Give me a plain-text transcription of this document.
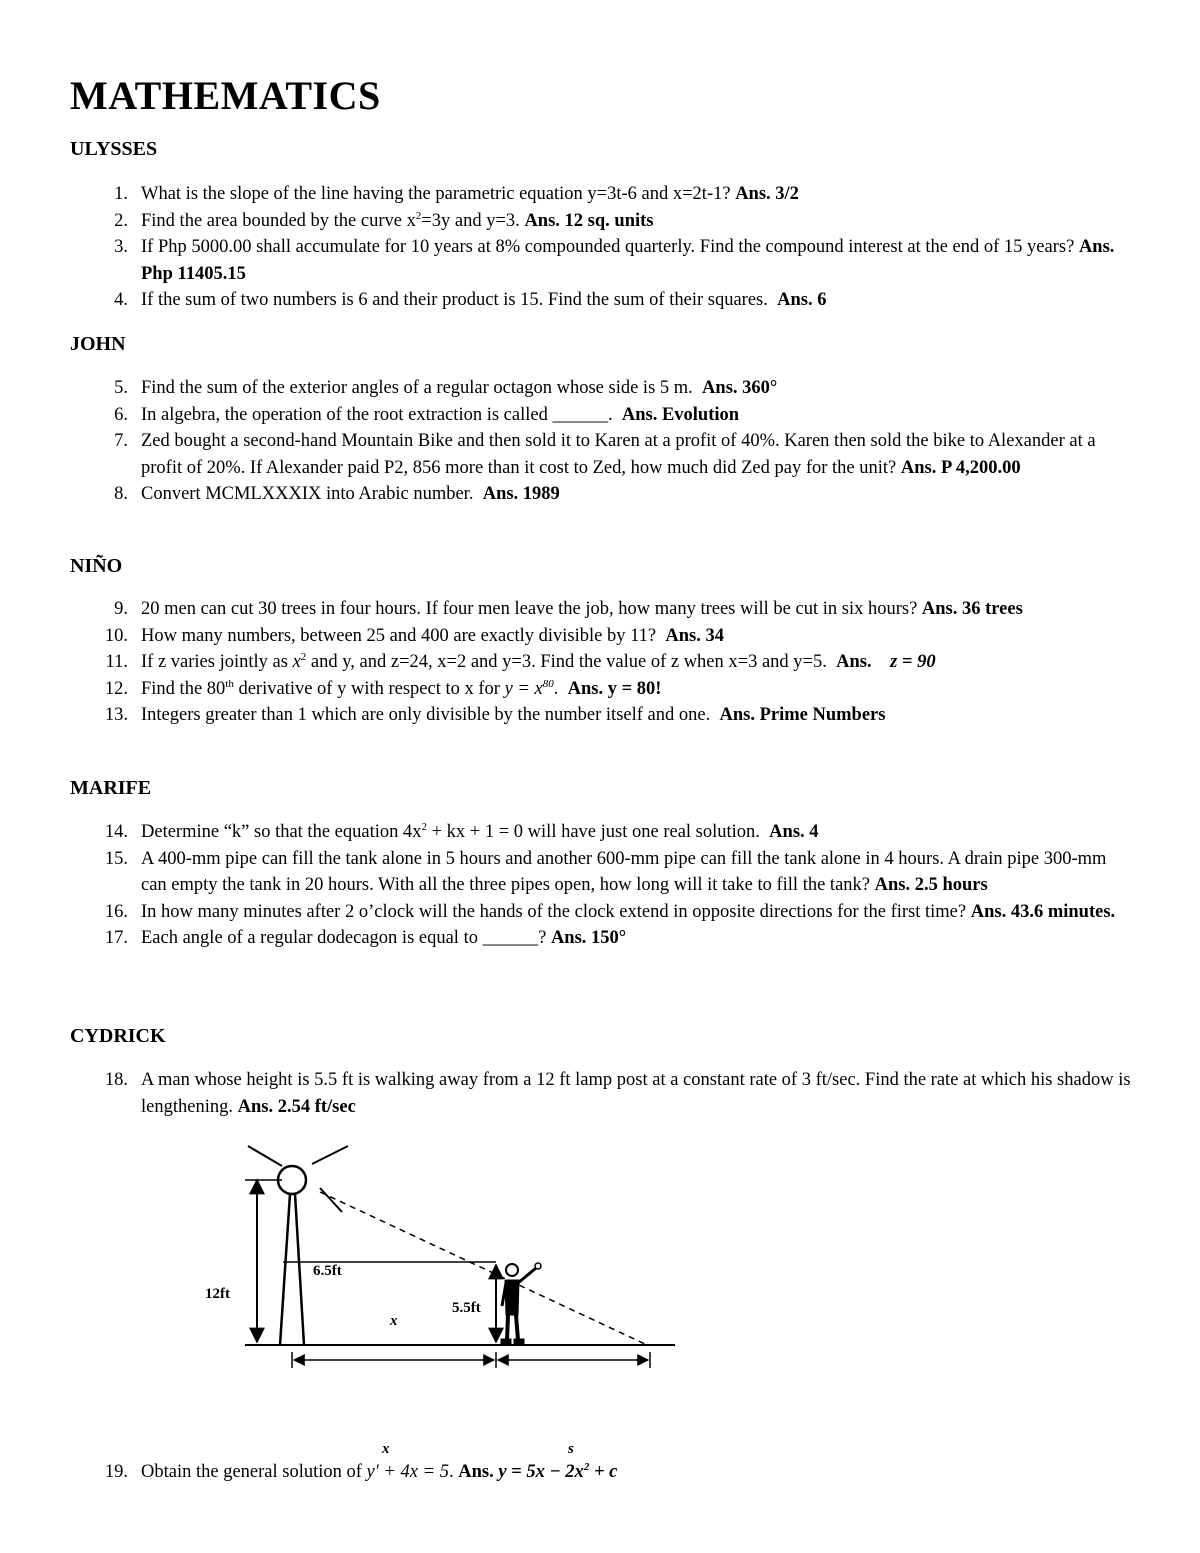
MATHEMATICS
ULYSSES
1. What is the slope of the line having the parametric equation y=3t-6 and x=2t-1? Ans. 3/2
2. Find the area bounded by the curve $x^2=3y$ and y=3. Ans. 12 sq. units
3. If Php 5000.00 shall accumulate for 10 years at 8% compounded quarterly. Find the compound interest at the end of 15 years? Ans. Php 11405.15
4. If the sum of two numbers is 6 and their product is 15. Find the sum of their squares. Ans. 6
JOHN
5. Find the sum of the exterior angles of a regular octagon whose side is 5 m. Ans. 360°
6. In algebra, the operation of the root extraction is called ______. Ans. Evolution
7. Zed bought a second-hand Mountain Bike and then sold it to Karen at a profit of 40%. Karen then sold the bike to Alexander at a profit of 20%. If Alexander paid P2, 856 more than it cost to Zed, how much did Zed pay for the unit? Ans. P 4,200.00
8. Convert MCMLXXXIX into Arabic number. Ans. 1989
NIÑO
9. 20 men can cut 30 trees in four hours. If four men leave the job, how many trees will be cut in six hours? Ans. 36 trees
10. How many numbers, between 25 and 400 are exactly divisible by 11? Ans. 34
11. If z varies jointly as $x^2$ and y, and z=24, x=2 and y=3. Find the value of z when x=3 and y=5. Ans. z = 90
12. Find the 80th derivative of y with respect to x for $y = x^{80}$. Ans. y = 80!
13. Integers greater than 1 which are only divisible by the number itself and one. Ans. Prime Numbers
MARIFE
14. Determine “k” so that the equation $4x^2$ + kx + 1 = 0 will have just one real solution. Ans. 4
15. A 400-mm pipe can fill the tank alone in 5 hours and another 600-mm pipe can fill the tank alone in 4 hours. A drain pipe 300-mm can empty the tank in 20 hours. With all the three pipes open, how long will it take to fill the tank? Ans. 2.5 hours
16. In how many minutes after 2 o’clock will the hands of the clock extend in opposite directions for the first time? Ans. 43.6 minutes.
17. Each angle of a regular dodecagon is equal to ______? Ans. 150°
CYDRICK
18. A man whose height is 5.5 ft is walking away from a 12 ft lamp post at a constant rate of 3 ft/sec. Find the rate at which his shadow is lengthening. Ans. 2.54 ft/sec
12ft
6.5ft
5.5ft
x
x	s
19. Obtain the general solution of y′ + 4x = 5. Ans. $y = 5x - 2x^2 + c$
